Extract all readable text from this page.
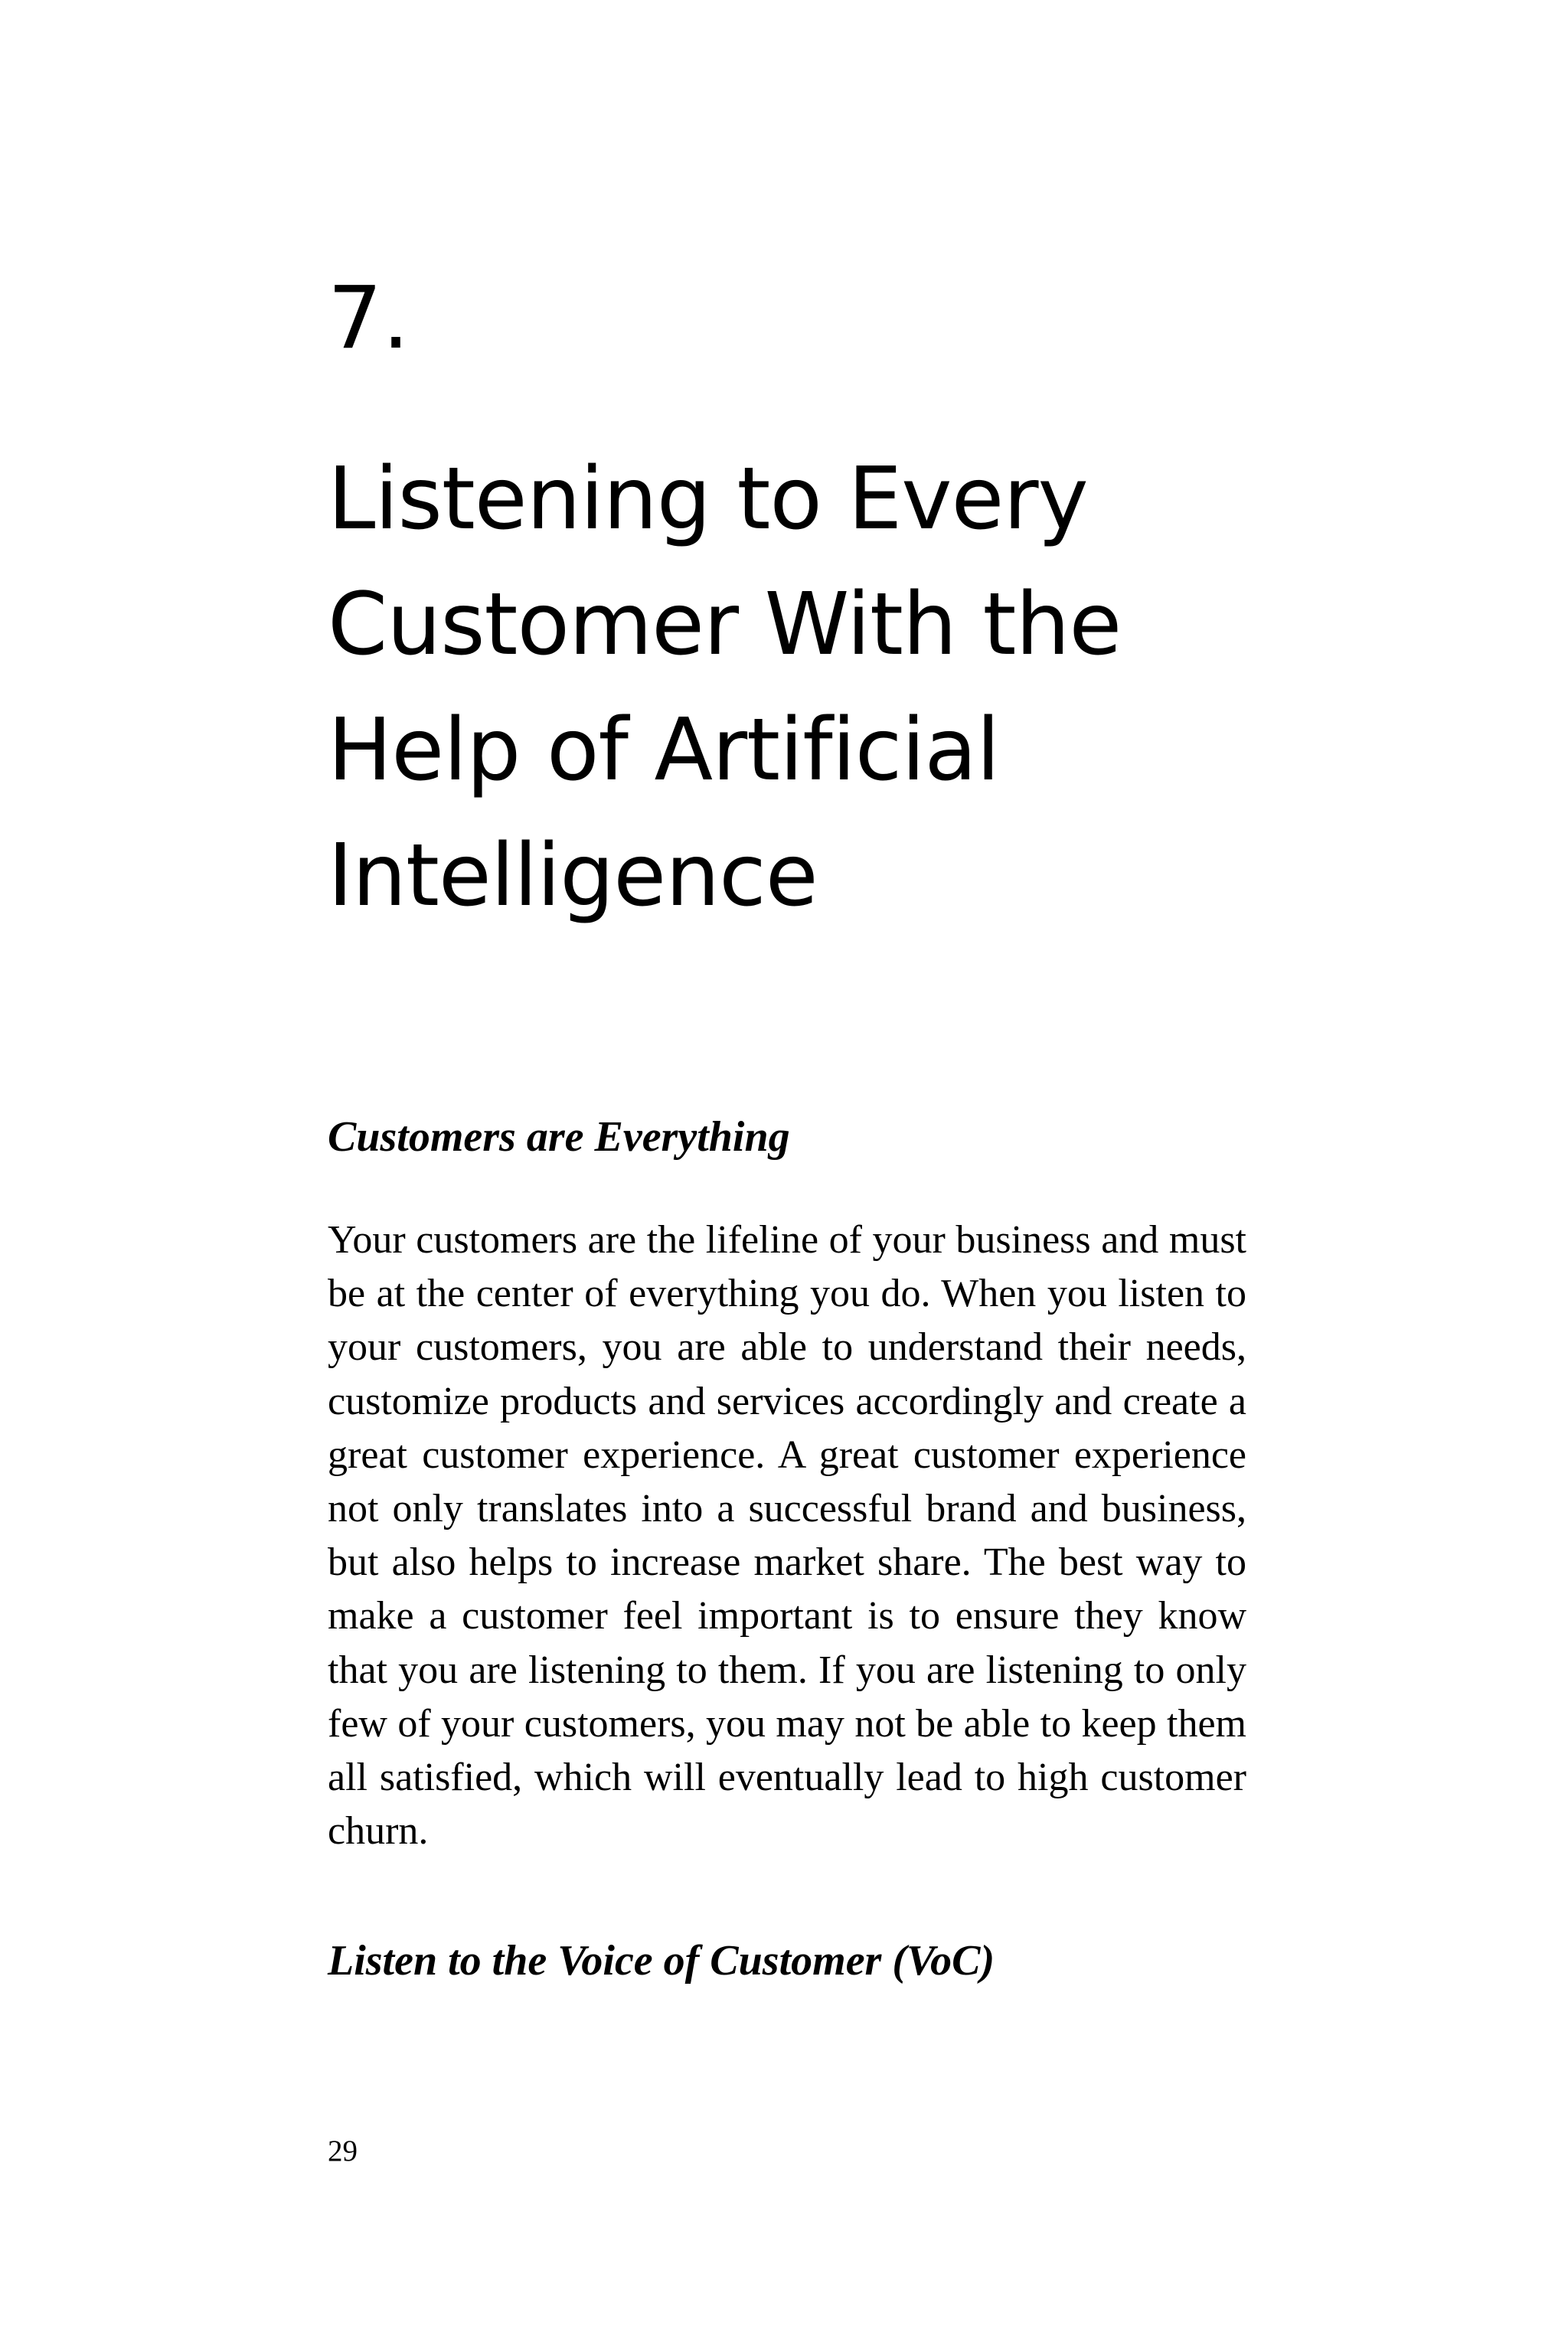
7.
Listening to Every
Customer With the
Help of Artificial
Intelligence
Customers are Everything

Your customers are the lifeline of your business and must be at the center of everything you do. When you listen to your customers, you are able to understand their needs, customize products and services accordingly and create a great customer experience. A great customer experience not only translates into a successful brand and business, but also helps to increase market share. The best way to make a customer feel important is to ensure they know that you are listening to them. If you are listening to only few of your customers, you may not be able to keep them all satisfied, which will eventually lead to high customer churn.

Listen to the Voice of Customer (VoC)
29
